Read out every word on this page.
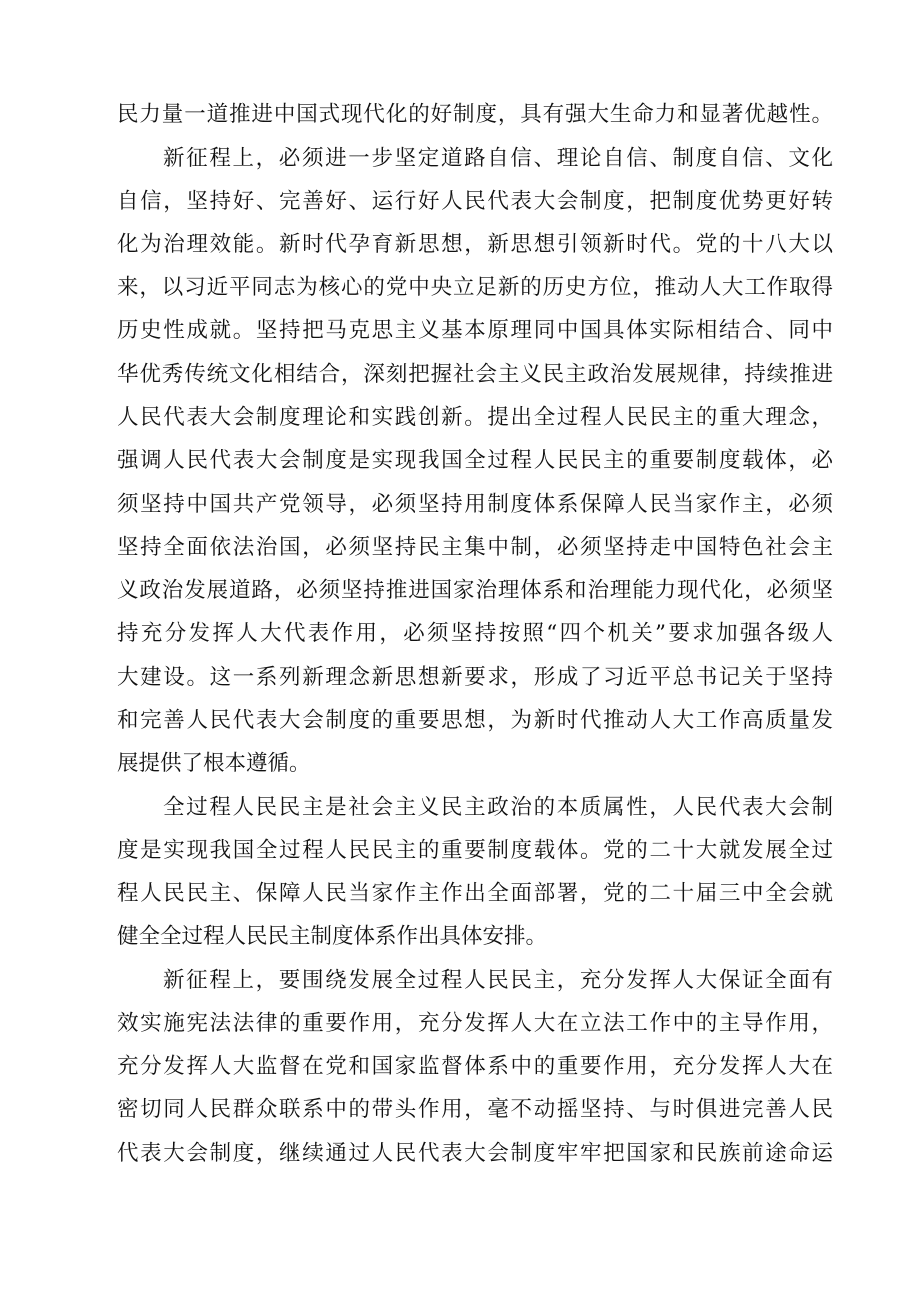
民力量一道推进中国式现代化的好制度，具有强大生命力和显著优越性。
新征程上，必须进一步坚定道路自信、理论自信、制度自信、文化
自信，坚持好、完善好、运行好人民代表大会制度，把制度优势更好转
化为治理效能。新时代孕育新思想，新思想引领新时代。党的十八大以
来，以习近平同志为核心的党中央立足新的历史方位，推动人大工作取得
历史性成就。坚持把马克思主义基本原理同中国具体实际相结合、同中
华优秀传统文化相结合，深刻把握社会主义民主政治发展规律，持续推进
人民代表大会制度理论和实践创新。提出全过程人民民主的重大理念，
强调人民代表大会制度是实现我国全过程人民民主的重要制度载体，必
须坚持中国共产党领导，必须坚持用制度体系保障人民当家作主，必须
坚持全面依法治国，必须坚持民主集中制，必须坚持走中国特色社会主
义政治发展道路，必须坚持推进国家治理体系和治理能力现代化，必须坚
持充分发挥人大代表作用，必须坚持按照“四个机关”要求加强各级人
大建设。这一系列新理念新思想新要求，形成了习近平总书记关于坚持
和完善人民代表大会制度的重要思想，为新时代推动人大工作高质量发
展提供了根本遵循。
全过程人民民主是社会主义民主政治的本质属性，人民代表大会制
度是实现我国全过程人民民主的重要制度载体。党的二十大就发展全过
程人民民主、保障人民当家作主作出全面部署，党的二十届三中全会就
健全全过程人民民主制度体系作出具体安排。
新征程上，要围绕发展全过程人民民主，充分发挥人大保证全面有
效实施宪法法律的重要作用，充分发挥人大在立法工作中的主导作用，
充分发挥人大监督在党和国家监督体系中的重要作用，充分发挥人大在
密切同人民群众联系中的带头作用，毫不动摇坚持、与时俱进完善人民
代表大会制度，继续通过人民代表大会制度牢牢把国家和民族前途命运
